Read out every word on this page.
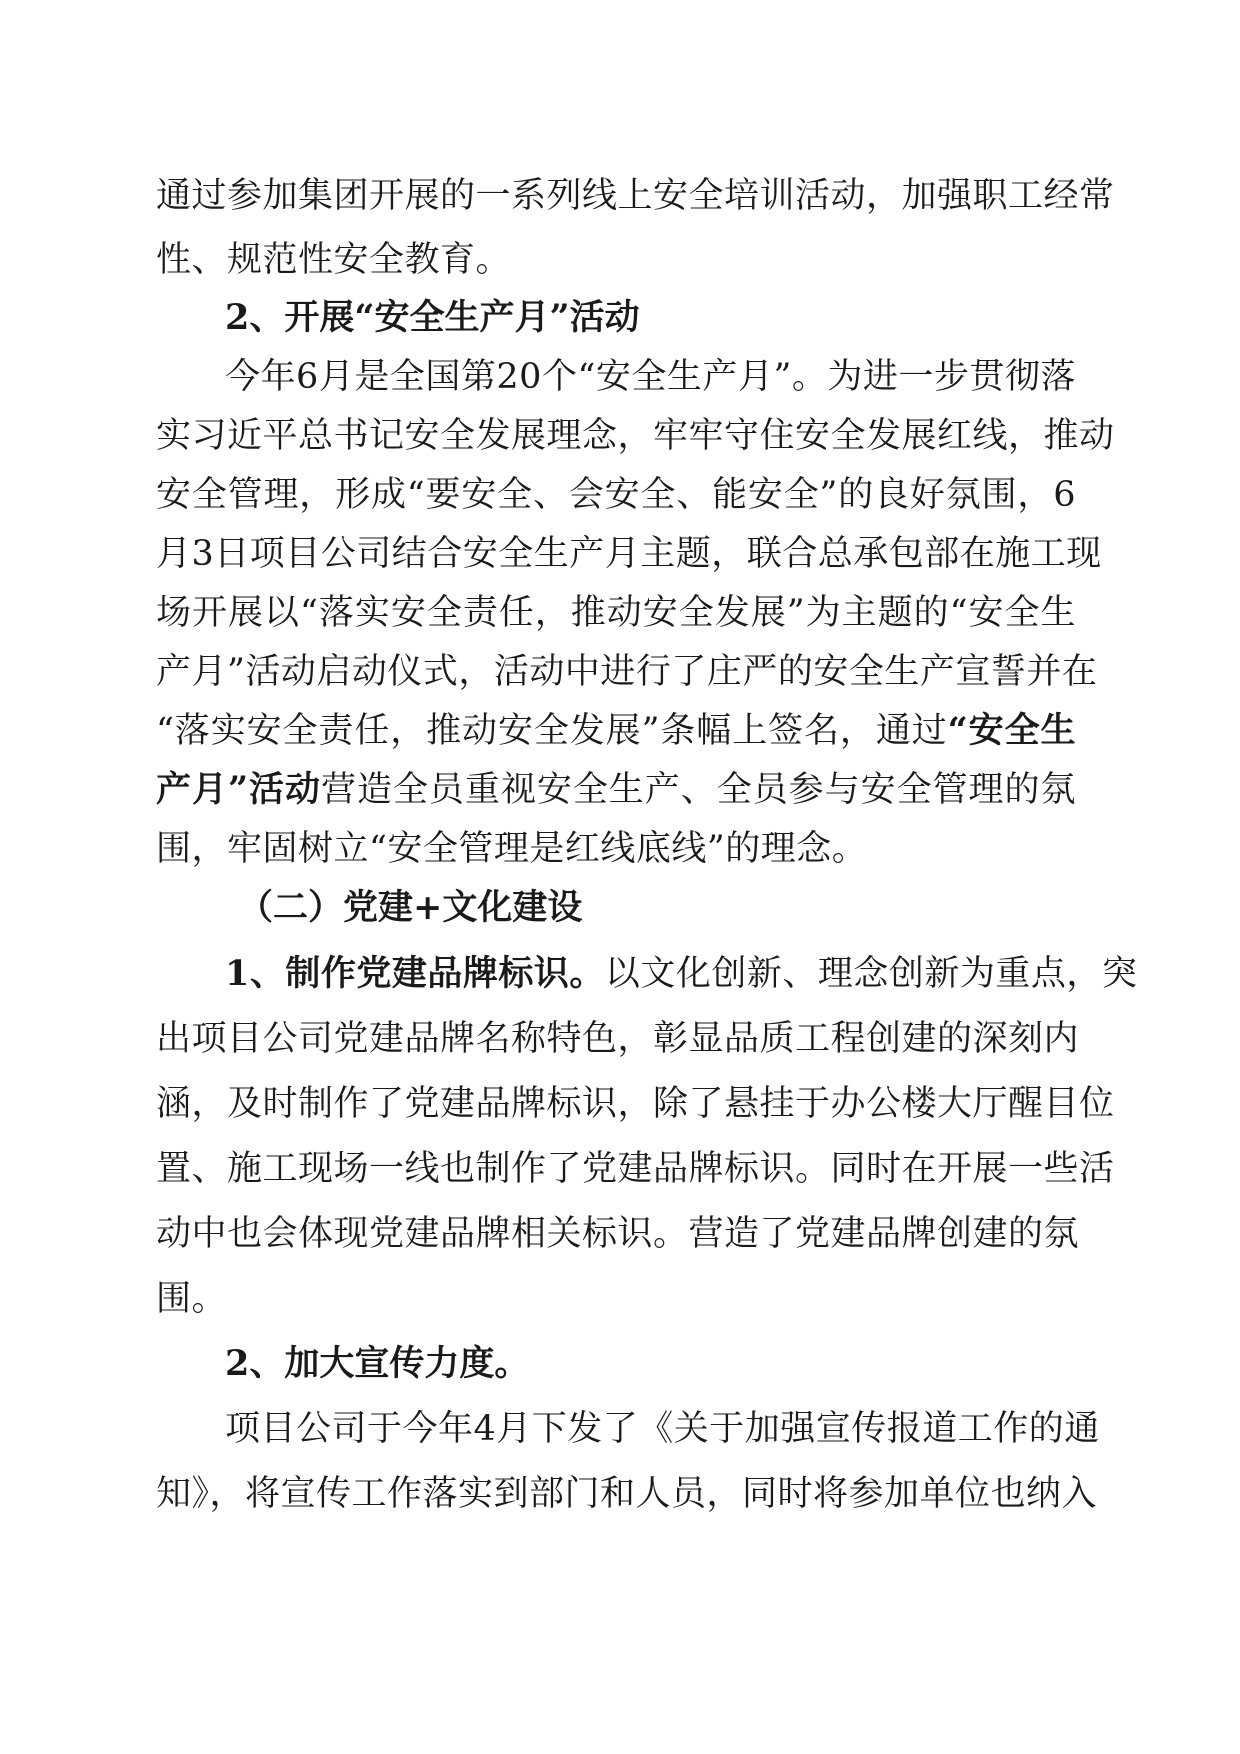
通过参加集团开展的一系列线上安全培训活动，加强职工经常
性、规范性安全教育。
2、开展“安全生产月”活动
今年6月是全国第20个“安全生产月”。为进一步贯彻落
实习近平总书记安全发展理念，牢牢守住安全发展红线，推动
安全管理，形成“要安全、会安全、能安全”的良好氛围，6
月3日项目公司结合安全生产月主题，联合总承包部在施工现
场开展以“落实安全责任，推动安全发展”为主题的“安全生
产月”活动启动仪式，活动中进行了庄严的安全生产宣誓并在
“落实安全责任，推动安全发展”条幅上签名，通过“安全生
产月”活动营造全员重视安全生产、全员参与安全管理的氛
围，牢固树立“安全管理是红线底线”的理念。
（二）党建+文化建设
1、制作党建品牌标识。以文化创新、理念创新为重点，突
出项目公司党建品牌名称特色，彰显品质工程创建的深刻内
涵，及时制作了党建品牌标识，除了悬挂于办公楼大厅醒目位
置、施工现场一线也制作了党建品牌标识。同时在开展一些活
动中也会体现党建品牌相关标识。营造了党建品牌创建的氛
围。
2、加大宣传力度。
项目公司于今年4月下发了《关于加强宣传报道工作的通
知》，将宣传工作落实到部门和人员，同时将参加单位也纳入
